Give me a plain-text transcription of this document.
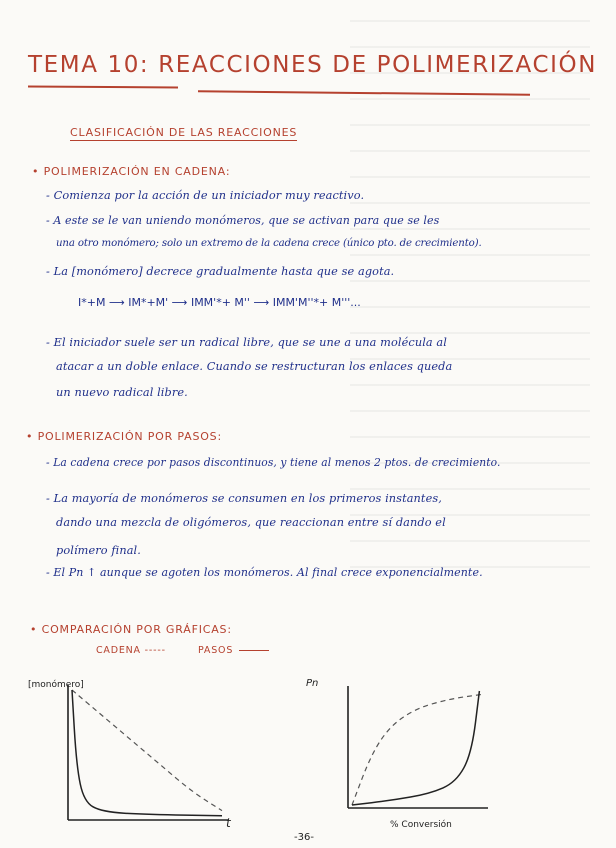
TEMA 10: REACCIONES DE POLIMERIZACIÓN
CLASIFICACIÓN DE LAS REACCIONES
• POLIMERIZACIÓN EN CADENA:
- Comienza por la acción de un iniciador muy reactivo.
- A este se le van uniendo monómeros, que se activan para que se les
una otro monómero; solo un extremo de la cadena crece (único pto. de crecimiento).
- La [monómero] decrece gradualmente hasta que se agota.
I*+M ⟶ IM*+M' ⟶ IMM'*+ M'' ⟶ IMM'M''*+ M'''...
- El iniciador suele ser un radical libre, que se une a una molécula al
atacar a un doble enlace. Cuando se restructuran los enlaces queda
un nuevo radical libre.
• POLIMERIZACIÓN POR PASOS:
- La cadena crece por pasos discontinuos, y tiene al menos 2 ptos. de crecimiento.
- La mayoría de monómeros se consumen en los primeros instantes,
dando una mezcla de oligómeros, que reaccionan entre sí dando el
polímero final.
- El Pn ↑ aunque se agoten los monómeros. Al final crece exponencialmente.
• COMPARACIÓN POR GRÁFICAS:
CADENA -----	PASOS
[monómero]
t
Pn
% Conversión
-36-
